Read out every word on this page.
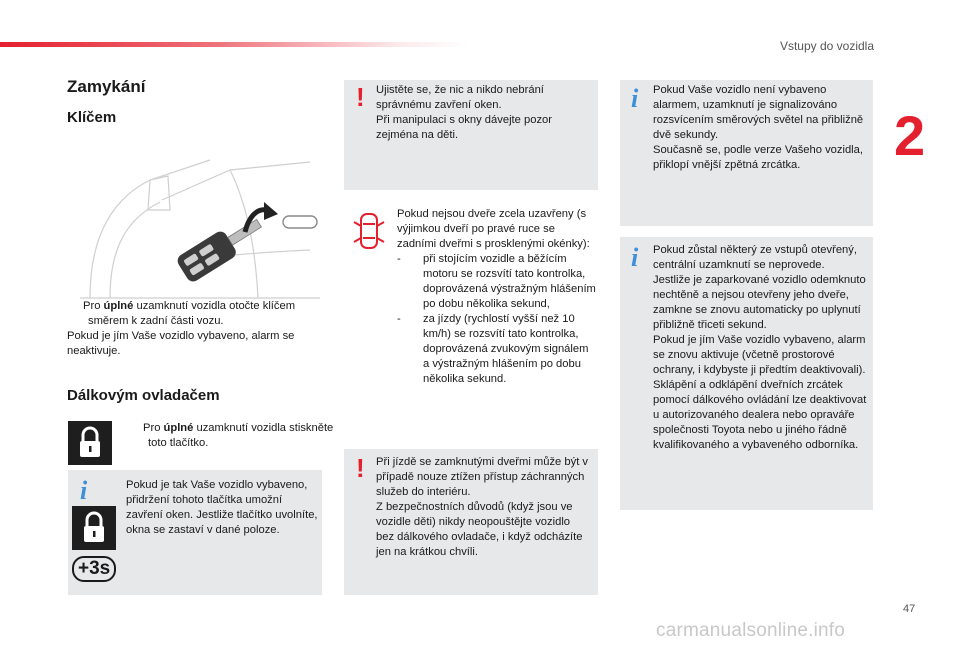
Vstupy do vozidla
2
Zamykání
Klíčem
Pro úplné uzamknutí vozidla otočte klíčem směrem k zadní části vozu.
Pokud je jím Vaše vozidlo vybaveno, alarm se neaktivuje.
Dálkovým ovladačem
Pro úplné uzamknutí vozidla stiskněte toto tlačítko.
i
+3s
Pokud je tak Vaše vozidlo vybaveno, přidržení tohoto tlačítka umožní zavření oken. Jestliže tlačítko uvolníte, okna se zastaví v dané poloze.
! Ujistěte se, že nic a nikdo nebrání správnému zavření oken.
Při manipulaci s okny dávejte pozor zejména na děti.
Pokud nejsou dveře zcela uzavřeny (s výjimkou dveří po pravé ruce se zadními dveřmi s prosklenými okénky):
-	při stojícím vozidle a běžícím motoru se rozsvítí tato kontrolka, doprovázená výstražným hlášením po dobu několika sekund,
-	za jízdy (rychlostí vyšší než 10 km/h) se rozsvítí tato kontrolka, doprovázená zvukovým signálem a výstražným hlášením po dobu několika sekund.
! Při jízdě se zamknutými dveřmi může být v případě nouze ztížen přístup záchranných služeb do interiéru.
Z bezpečnostních důvodů (když jsou ve vozidle děti) nikdy neopouštějte vozidlo bez dálkového ovladače, i když odcházíte jen na krátkou chvíli.
i Pokud Vaše vozidlo není vybaveno alarmem, uzamknutí je signalizováno rozsvícením směrových světel na přibližně dvě sekundy.
Současně se, podle verze Vašeho vozidla, přiklopí vnější zpětná zrcátka.
i Pokud zůstal některý ze vstupů otevřený, centrální uzamknutí se neprovede.
Jestliže je zaparkované vozidlo odemknuto nechtěně a nejsou otevřeny jeho dveře, zamkne se znovu automaticky po uplynutí přibližně třiceti sekund.
Pokud je jím Vaše vozidlo vybaveno, alarm se znovu aktivuje (včetně prostorové ochrany, i kdybyste ji předtím deaktivovali).
Sklápění a odklápění dveřních zrcátek pomocí dálkového ovládání lze deaktivovat u autorizovaného dealera nebo opravářе společnosti Toyota nebo u jiného řádně kvalifikovaného a vybaveného odborníka.
47
carmanualsonline.info
